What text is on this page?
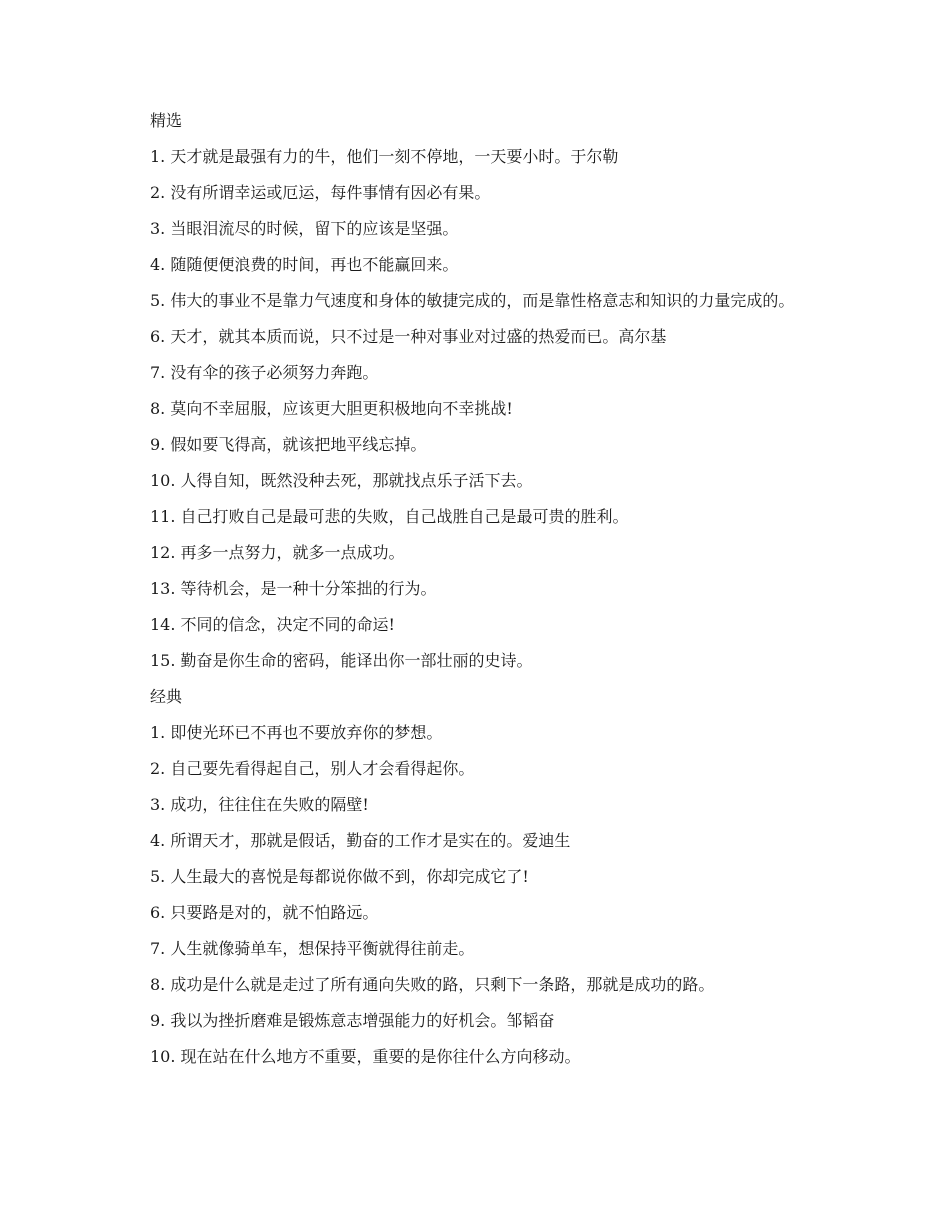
精选

1. 天才就是最强有力的牛，他们一刻不停地，一天要小时。于尔勒

2. 没有所谓幸运或厄运，每件事情有因必有果。

3. 当眼泪流尽的时候，留下的应该是坚强。

4. 随随便便浪费的时间，再也不能赢回来。

5. 伟大的事业不是靠力气速度和身体的敏捷完成的，而是靠性格意志和知识的力量完成的。

6. 天才，就其本质而说，只不过是一种对事业对过盛的热爱而已。高尔基

7. 没有伞的孩子必须努力奔跑。

8. 莫向不幸屈服，应该更大胆更积极地向不幸挑战!

9. 假如要飞得高，就该把地平线忘掉。

10. 人得自知，既然没种去死，那就找点乐子活下去。

11. 自己打败自己是最可悲的失败，自己战胜自己是最可贵的胜利。

12. 再多一点努力，就多一点成功。

13. 等待机会，是一种十分笨拙的行为。

14. 不同的信念，决定不同的命运!

15. 勤奋是你生命的密码，能译出你一部壮丽的史诗。

经典

1. 即使光环已不再也不要放弃你的梦想。

2. 自己要先看得起自己，别人才会看得起你。

3. 成功，往往住在失败的隔壁!

4. 所谓天才，那就是假话，勤奋的工作才是实在的。爱迪生

5. 人生最大的喜悦是每都说你做不到，你却完成它了!

6. 只要路是对的，就不怕路远。

7. 人生就像骑单车，想保持平衡就得往前走。

8. 成功是什么就是走过了所有通向失败的路，只剩下一条路，那就是成功的路。

9. 我以为挫折磨难是锻炼意志增强能力的好机会。邹韬奋

10. 现在站在什么地方不重要，重要的是你往什么方向移动。
